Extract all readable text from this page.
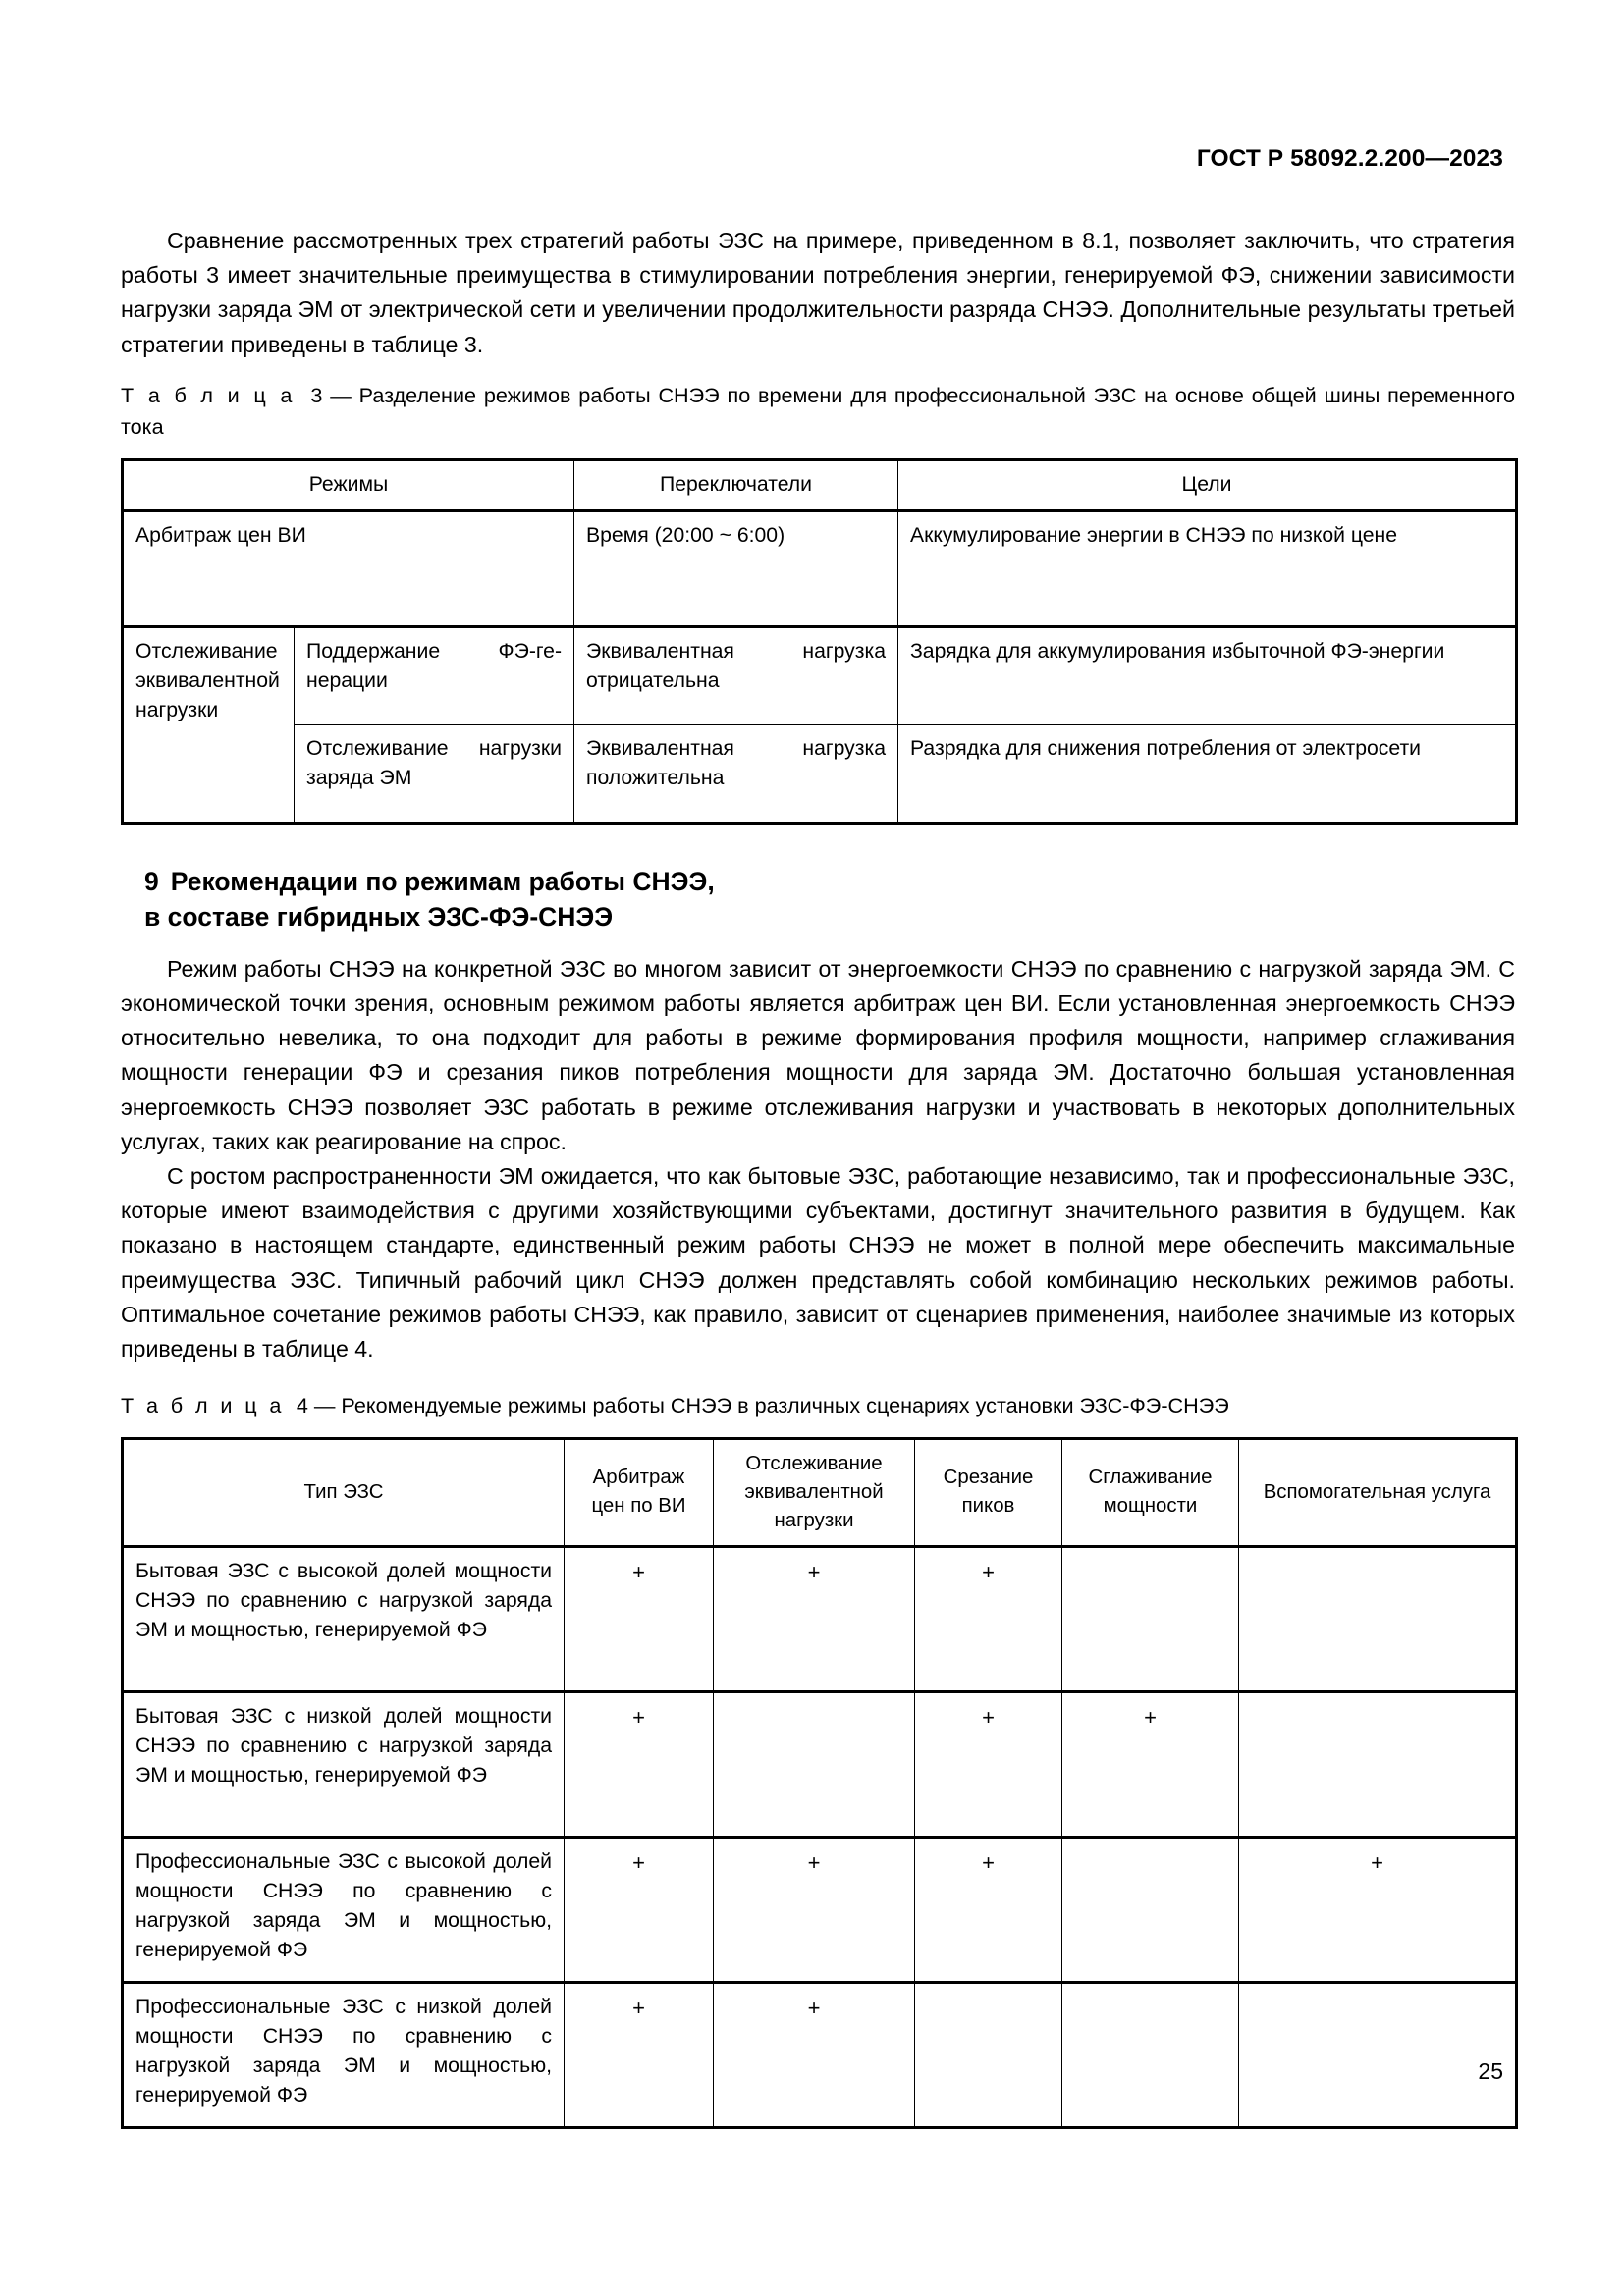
ГОСТ Р 58092.2.200—2023

Сравнение рассмотренных трех стратегий работы ЭЗС на примере, приведенном в 8.1, позволяет заключить, что стратегия работы 3 имеет значительные преимущества в стимулировании потребления энергии, генерируемой ФЭ, снижении зависимости нагрузки заряда ЭМ от электрической сети и увеличении продолжительности разряда СНЭЭ. Дополнительные результаты третьей стратегии приведены в таблице 3.

Т а б л и ц а 3 — Разделение режимов работы СНЭЭ по времени для профессиональной ЭЗС на основе общей шины переменного тока

Режимы		Переключатели	Цели
Арбитраж цен ВИ		Время (20:00 ~ 6:00)	Аккумулирование энергии в СНЭЭ по низкой цене
Отслеживание эквивалентной нагрузки	Поддержание ФЭ-генерации	Эквивалентная нагрузка отрицательна	Зарядка для аккумулирования избыточной ФЭ-энергии
	Отслеживание нагрузки заряда ЭМ	Эквивалентная нагрузка положительна	Разрядка для снижения потребления от электросети
9 Рекомендации по режимам работы СНЭЭ,
в составе гибридных ЭЗС-ФЭ-СНЭЭ

Режим работы СНЭЭ на конкретной ЭЗС во многом зависит от энергоемкости СНЭЭ по сравнению с нагрузкой заряда ЭМ. С экономической точки зрения, основным режимом работы является арбитраж цен ВИ. Если установленная энергоемкость СНЭЭ относительно невелика, то она подходит для работы в режиме формирования профиля мощности, например сглаживания мощности генерации ФЭ и срезания пиков потребления мощности для заряда ЭМ. Достаточно большая установленная энергоемкость СНЭЭ позволяет ЭЗС работать в режиме отслеживания нагрузки и участвовать в некоторых дополнительных услугах, таких как реагирование на спрос.

С ростом распространенности ЭМ ожидается, что как бытовые ЭЗС, работающие независимо, так и профессиональные ЭЗС, которые имеют взаимодействия с другими хозяйствующими субъектами, достигнут значительного развития в будущем. Как показано в настоящем стандарте, единственный режим работы СНЭЭ не может в полной мере обеспечить максимальные преимущества ЭЗС. Типичный рабочий цикл СНЭЭ должен представлять собой комбинацию нескольких режимов работы. Оптимальное сочетание режимов работы СНЭЭ, как правило, зависит от сценариев применения, наиболее значимые из которых приведены в таблице 4.

Т а б л и ц а 4 — Рекомендуемые режимы работы СНЭЭ в различных сценариях установки ЭЗС-ФЭ-СНЭЭ

Тип ЭЗС	Арбитраж цен по ВИ	Отслеживание эквивалентной нагрузки	Срезание пиков	Сглаживание мощности	Вспомогательная услуга
Бытовая ЭЗС с высокой долей мощности СНЭЭ по сравнению с нагрузкой заряда ЭМ и мощностью, генерируемой ФЭ	+	+	+		
Бытовая ЭЗС с низкой долей мощности СНЭЭ по сравнению с нагрузкой заряда ЭМ и мощностью, генерируемой ФЭ	+		+	+	
Профессиональные ЭЗС с высокой долей мощности СНЭЭ по сравнению с нагрузкой заряда ЭМ и мощностью, генерируемой ФЭ	+	+	+		+
Профессиональные ЭЗС с низкой долей мощности СНЭЭ по сравнению с нагрузкой заряда ЭМ и мощностью, генерируемой ФЭ	+	+			
25
